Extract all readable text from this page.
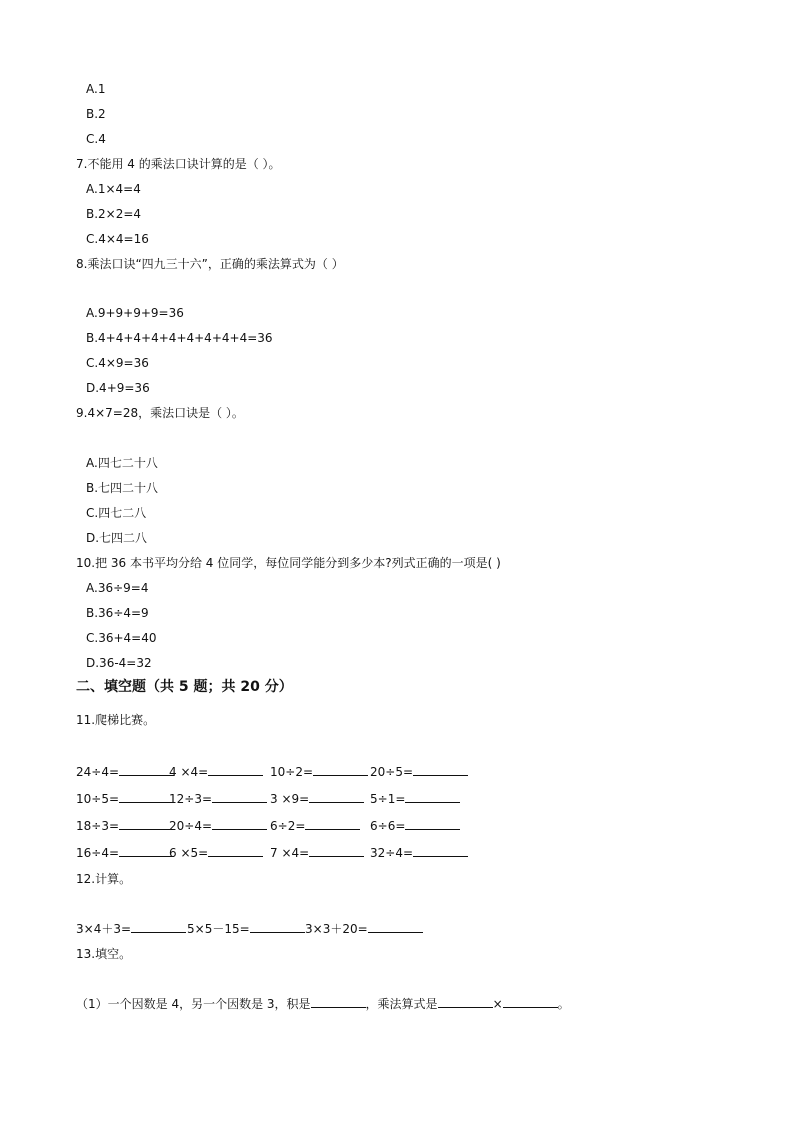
A.1
B.2
C.4
7.不能用 4 的乘法口诀计算的是（ ）。
A.1×4=4
B.2×2=4
C.4×4=16
8.乘法口诀“四九三十六”，正确的乘法算式为（ ）
A.9+9+9+9=36
B.4+4+4+4+4+4+4+4+4=36
C.4×9=36
D.4+9=36
9.4×7=28，乘法口诀是（ ）。
A.四七二十八
B.七四二十八
C.四七二八
D.七四二八
10.把 36 本书平均分给 4 位同学，每位同学能分到多少本?列式正确的一项是( )
A.36÷9=4
B.36÷4=9
C.36+4=40
D.36-4=32
二、填空题（共 5 题；共 20 分）
11.爬梯比赛。
24÷4=	4 ×4=	10÷2=	20÷5=
10÷5=	12÷3=	3 ×9=	5÷1=
18÷3=	20÷4=	6÷2=	6÷6=
16÷4=	6 ×5=	7 ×4=	32÷4=
12.计算。
3×4＋3=	5×5－15=	3×3＋20=
13.填空。
（1）一个因数是 4，另一个因数是 3，积是	，乘法算式是	×	。
